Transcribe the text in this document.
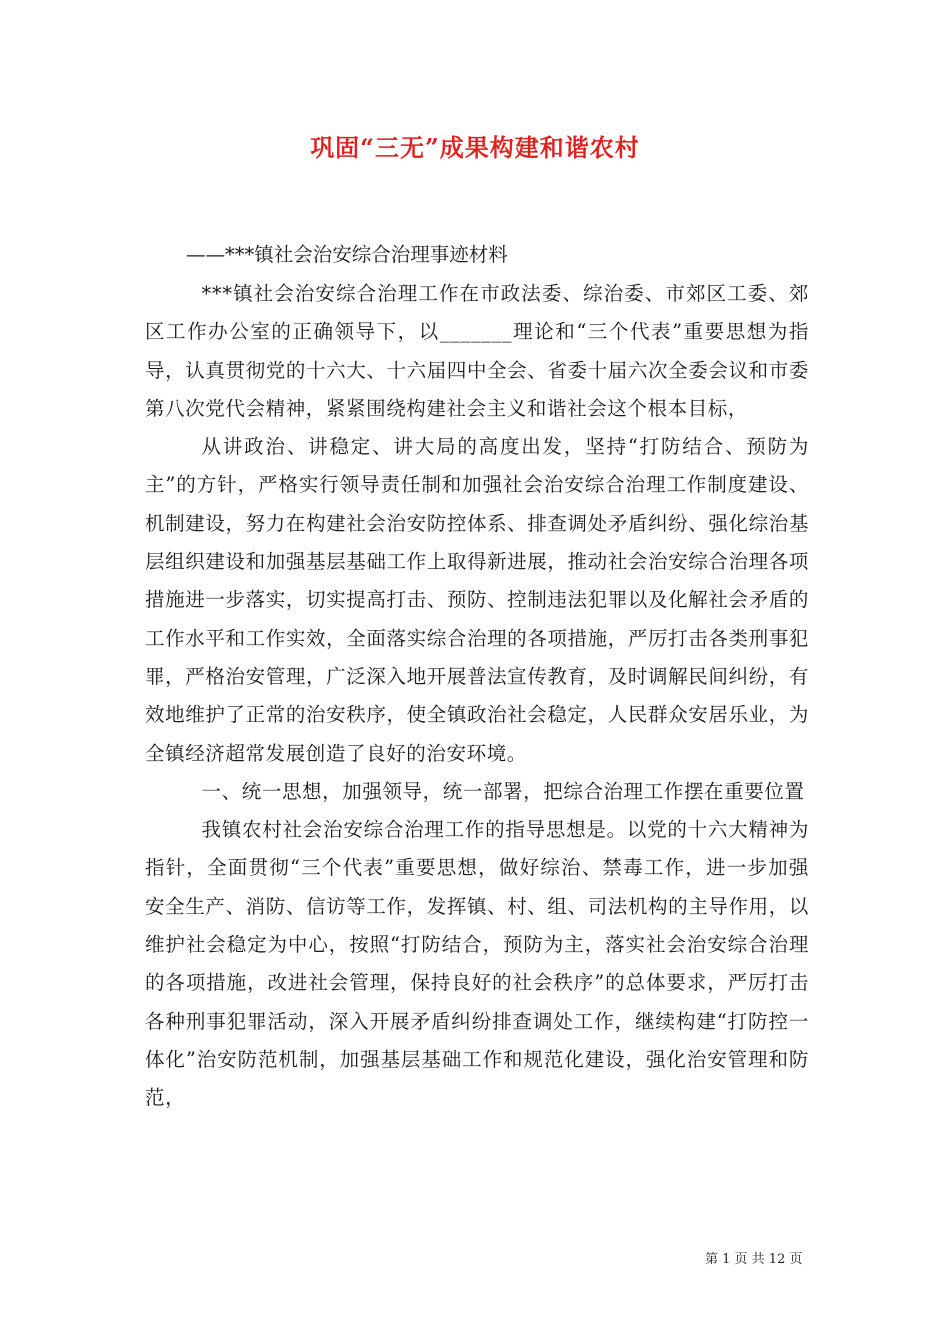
巩固“三无”成果构建和谐农村
——***镇社会治安综合治理事迹材料

***镇社会治安综合治理工作在市政法委、综治委、市郊区工委、郊区工作办公室的正确领导下，以_______理论和“三个代表”重要思想为指导，认真贯彻党的十六大、十六届四中全会、省委十届六次全委会议和市委第八次党代会精神，紧紧围绕构建社会主义和谐社会这个根本目标，

从讲政治、讲稳定、讲大局的高度出发，坚持“打防结合、预防为主”的方针，严格实行领导责任制和加强社会治安综合治理工作制度建设、机制建设，努力在构建社会治安防控体系、排查调处矛盾纠纷、强化综治基层组织建设和加强基层基础工作上取得新进展，推动社会治安综合治理各项措施进一步落实，切实提高打击、预防、控制违法犯罪以及化解社会矛盾的工作水平和工作实效，全面落实综合治理的各项措施，严厉打击各类刑事犯罪，严格治安管理，广泛深入地开展普法宣传教育，及时调解民间纠纷，有效地维护了正常的治安秩序，使全镇政治社会稳定，人民群众安居乐业，为全镇经济超常发展创造了良好的治安环境。

一、统一思想，加强领导，统一部署，把综合治理工作摆在重要位置

我镇农村社会治安综合治理工作的指导思想是。以党的十六大精神为指针，全面贯彻“三个代表”重要思想，做好综治、禁毒工作，进一步加强安全生产、消防、信访等工作，发挥镇、村、组、司法机构的主导作用，以维护社会稳定为中心，按照“打防结合，预防为主，落实社会治安综合治理的各项措施，改进社会管理，保持良好的社会秩序”的总体要求，严厉打击各种刑事犯罪活动，深入开展矛盾纠纷排查调处工作，继续构建“打防控一体化”治安防范机制，加强基层基础工作和规范化建设，强化治安管理和防范，

第 1 页 共 12 页
